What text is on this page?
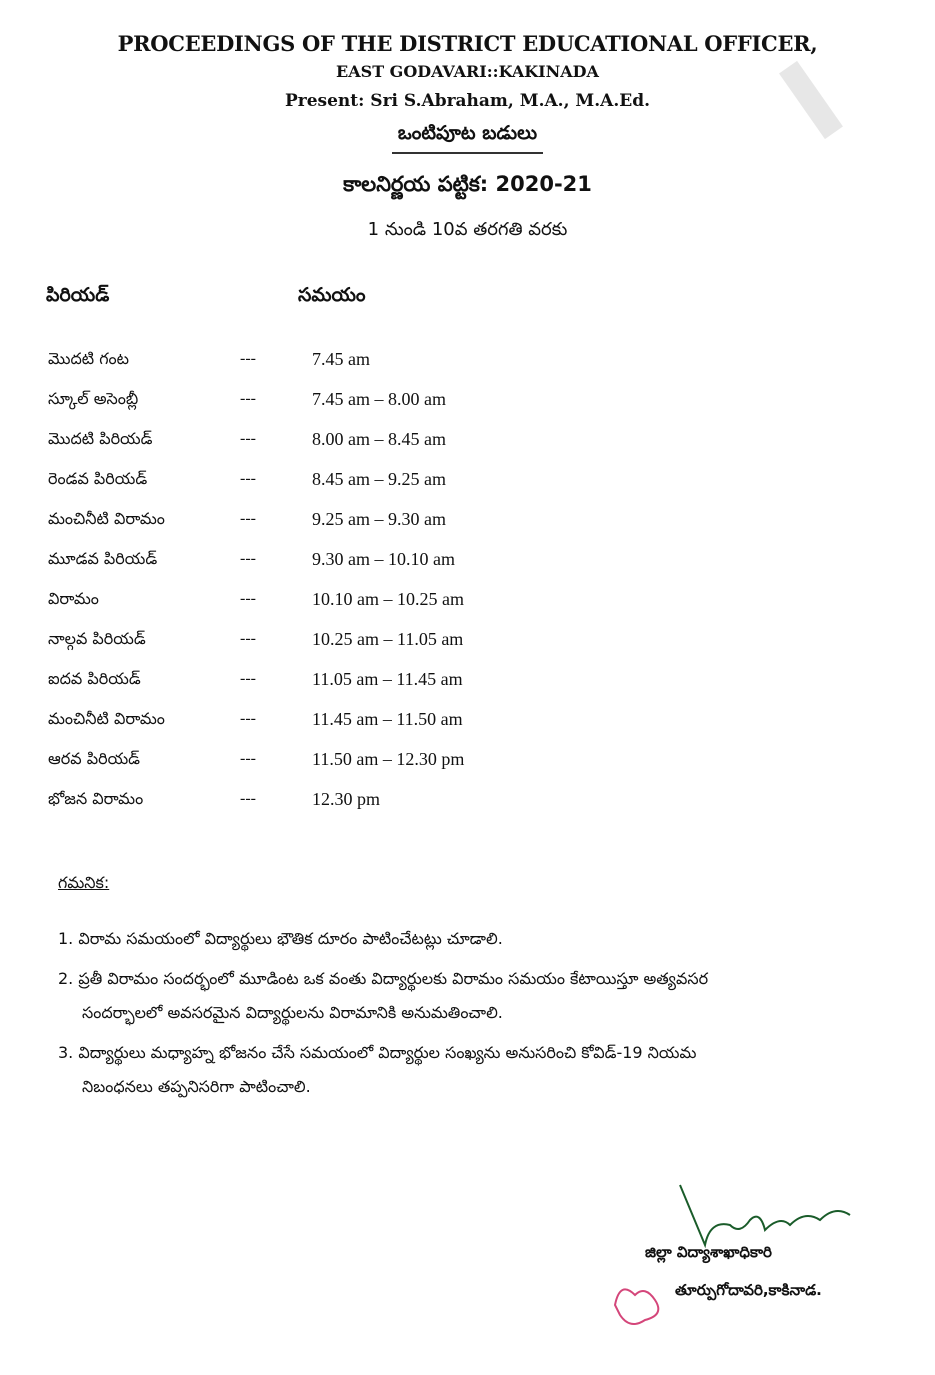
PROCEEDINGS OF THE DISTRICT EDUCATIONAL OFFICER,
EAST GODAVARI::KAKINADA
Present: Sri S.Abraham, M.A., M.A.Ed.
ఒంటిపూట బడులు
కాలనిర్ణయ పట్టిక: 2020-21
1 నుండి 10వ తరగతి వరకు
పిరియడ్	సమయం
మొదటి గంట	---	7.45 am
స్కూల్ అసెంబ్లీ	---	7.45 am – 8.00 am
మొదటి పిరియడ్	---	8.00 am – 8.45 am
రెండవ పిరియడ్	---	8.45 am – 9.25 am
మంచినీటి విరామం	---	9.25 am – 9.30 am
మూడవ పిరియడ్	---	9.30 am – 10.10 am
విరామం	---	10.10 am – 10.25 am
నాల్గవ పిరియడ్	---	10.25 am – 11.05 am
ఐదవ పిరియడ్	---	11.05 am – 11.45 am
మంచినీటి విరామం	---	11.45 am – 11.50 am
ఆరవ పిరియడ్	---	11.50 am – 12.30 pm
భోజన విరామం	---	12.30 pm
గమనిక:
1. విరామ సమయంలో విద్యార్థులు భౌతిక దూరం పాటించేటట్లు చూడాలి.
2. ప్రతీ విరామం సందర్భంలో మూడింట ఒక వంతు విద్యార్థులకు విరామం సమయం కేటాయిస్తూ అత్యవసర
సందర్భాలలో అవసరమైన విద్యార్థులను విరామానికి అనుమతించాలి.
3. విద్యార్థులు మధ్యాహ్న భోజనం చేసే సమయంలో విద్యార్థుల సంఖ్యను అనుసరించి కోవిడ్-19 నియమ
నిబంధనలు తప్పనిసరిగా పాటించాలి.
జిల్లా విద్యాశాఖాధికారి
తూర్పుగోదావరి,కాకినాడ.
